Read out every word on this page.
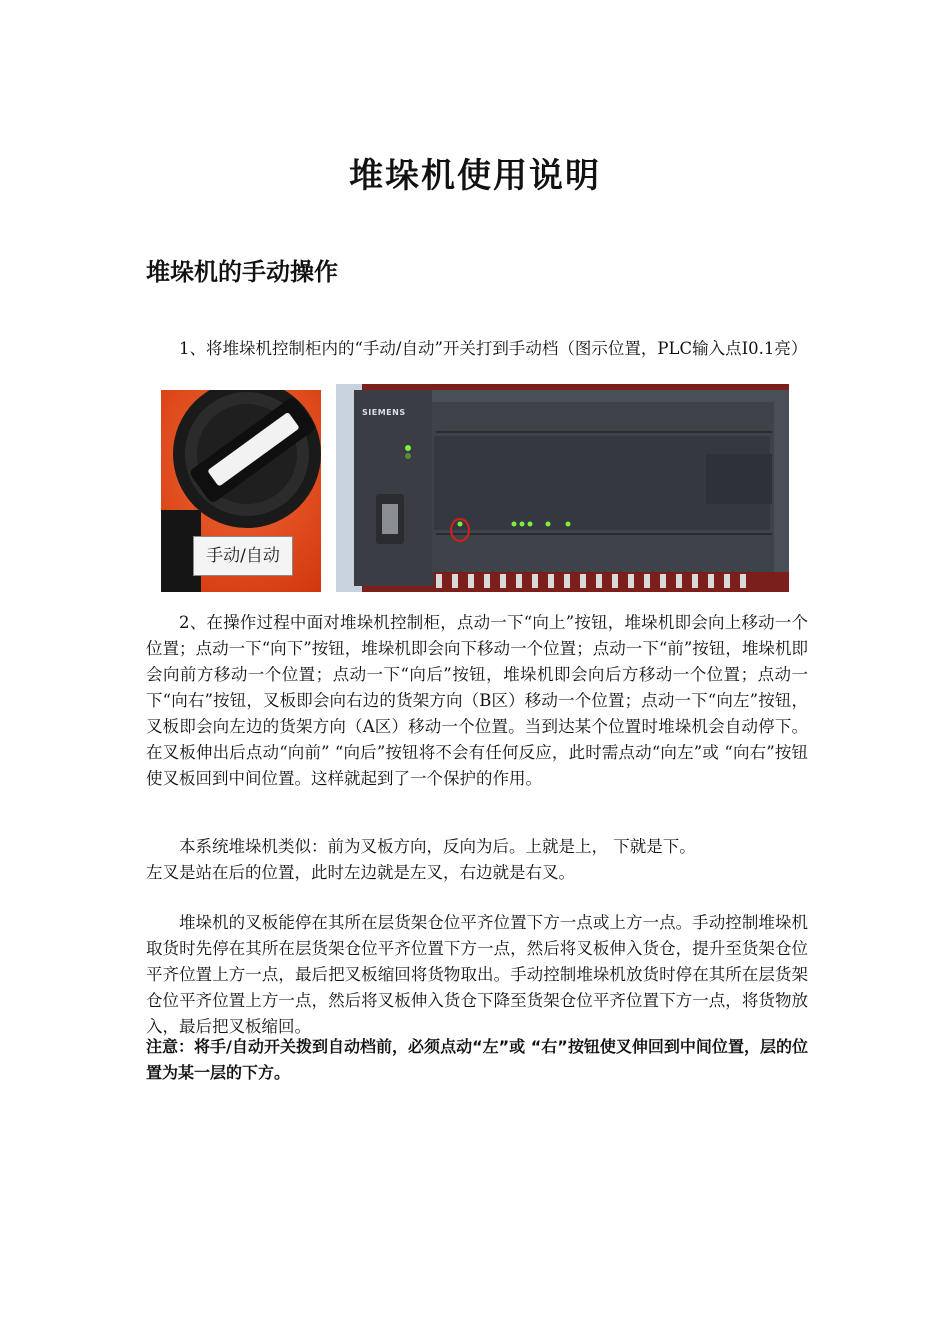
堆垛机使用说明
堆垛机的手动操作

1、将堆垛机控制柜内的“手动/自动”开关打到手动档（图示位置，PLC输入点I0.1亮）

手动/自动
SIEMENS

2、在操作过程中面对堆垛机控制柜，点动一下“向上”按钮，堆垛机即会向上移动一个位置；点动一下“向下”按钮，堆垛机即会向下移动一个位置；点动一下“前”按钮，堆垛机即会向前方移动一个位置；点动一下“向后”按钮，堆垛机即会向后方移动一个位置；点动一下“向右”按钮，叉板即会向右边的货架方向（B区）移动一个位置；点动一下“向左”按钮，叉板即会向左边的货架方向（A区）移动一个位置。当到达某个位置时堆垛机会自动停下。在叉板伸出后点动“向前” “向后”按钮将不会有任何反应，此时需点动“向左”或 “向右”按钮使叉板回到中间位置。这样就起到了一个保护的作用。

本系统堆垛机类似：前为叉板方向，反向为后。上就是上， 下就是下。

左叉是站在后的位置，此时左边就是左叉，右边就是右叉。

堆垛机的叉板能停在其所在层货架仓位平齐位置下方一点或上方一点。手动控制堆垛机取货时先停在其所在层货架仓位平齐位置下方一点，然后将叉板伸入货仓，提升至货架仓位平齐位置上方一点，最后把叉板缩回将货物取出。手动控制堆垛机放货时停在其所在层货架仓位平齐位置上方一点，然后将叉板伸入货仓下降至货架仓位平齐位置下方一点，将货物放入，最后把叉板缩回。

注意：将手/自动开关拨到自动档前，必须点动“左”或 “右”按钮使叉伸回到中间位置，层的位置为某一层的下方。
